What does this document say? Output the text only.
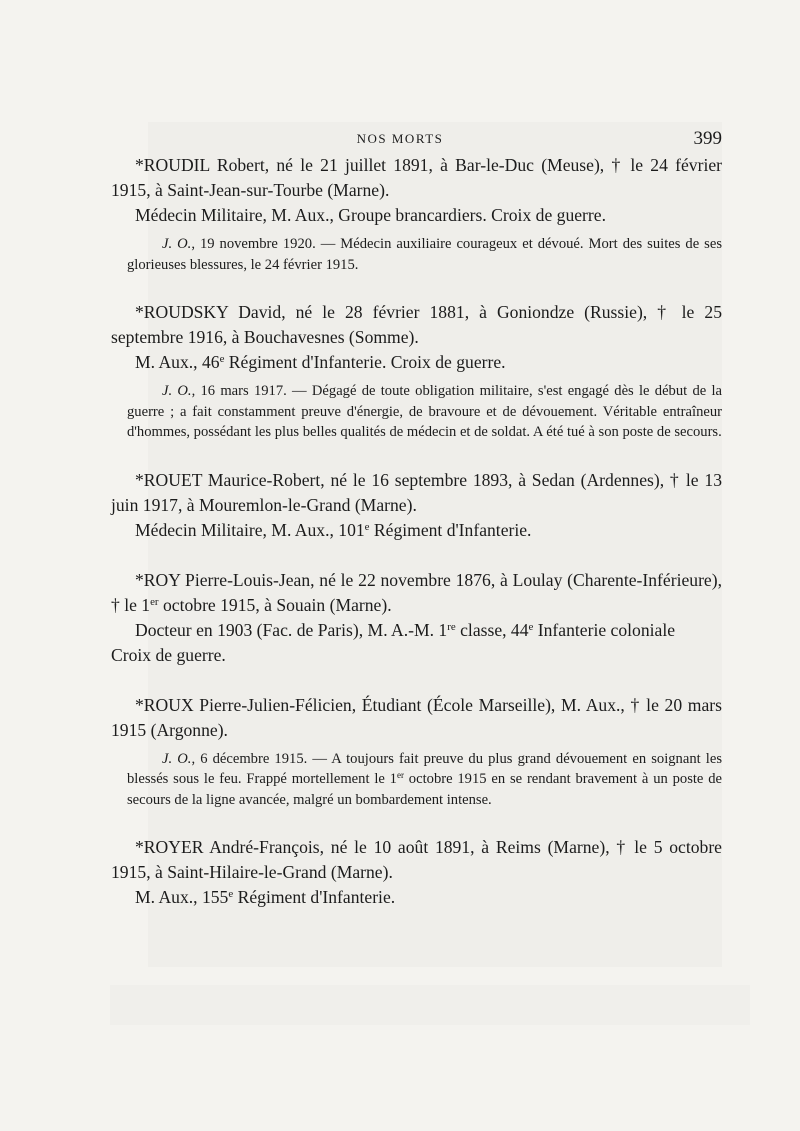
NOS MORTS	399

*ROUDIL Robert, né le 21 juillet 1891, à Bar-le-Duc (Meuse), † le 24 février 1915, à Saint-Jean-sur-Tourbe (Marne).

Médecin Militaire, M. Aux., Groupe brancardiers. Croix de guerre.

J. O., 19 novembre 1920. — Médecin auxiliaire courageux et dévoué. Mort des suites de ses glorieuses blessures, le 24 février 1915.

*ROUDSKY David, né le 28 février 1881, à Goniondze (Russie), † le 25 septembre 1916, à Bouchavesnes (Somme).

M. Aux., 46e Régiment d'Infanterie. Croix de guerre.

J. O., 16 mars 1917. — Dégagé de toute obligation militaire, s'est engagé dès le début de la guerre ; a fait constamment preuve d'énergie, de bravoure et de dévouement. Véritable entraîneur d'hommes, possédant les plus belles qualités de médecin et de soldat. A été tué à son poste de secours.

*ROUET Maurice-Robert, né le 16 septembre 1893, à Sedan (Ardennes), † le 13 juin 1917, à Mouremlon-le-Grand (Marne).

Médecin Militaire, M. Aux., 101e Régiment d'Infanterie.

*ROY Pierre-Louis-Jean, né le 22 novembre 1876, à Loulay (Charente-Inférieure), † le 1er octobre 1915, à Souain (Marne).

Docteur en 1903 (Fac. de Paris), M. A.-M. 1re classe, 44e Infanterie coloniale

Croix de guerre.

*ROUX Pierre-Julien-Félicien, Étudiant (École Marseille), M. Aux., † le 20 mars 1915 (Argonne).

J. O., 6 décembre 1915. — A toujours fait preuve du plus grand dévouement en soignant les blessés sous le feu. Frappé mortellement le 1er octobre 1915 en se rendant bravement à un poste de secours de la ligne avancée, malgré un bombardement intense.

*ROYER André-François, né le 10 août 1891, à Reims (Marne), † le 5 octobre 1915, à Saint-Hilaire-le-Grand (Marne).

M. Aux., 155e Régiment d'Infanterie.
